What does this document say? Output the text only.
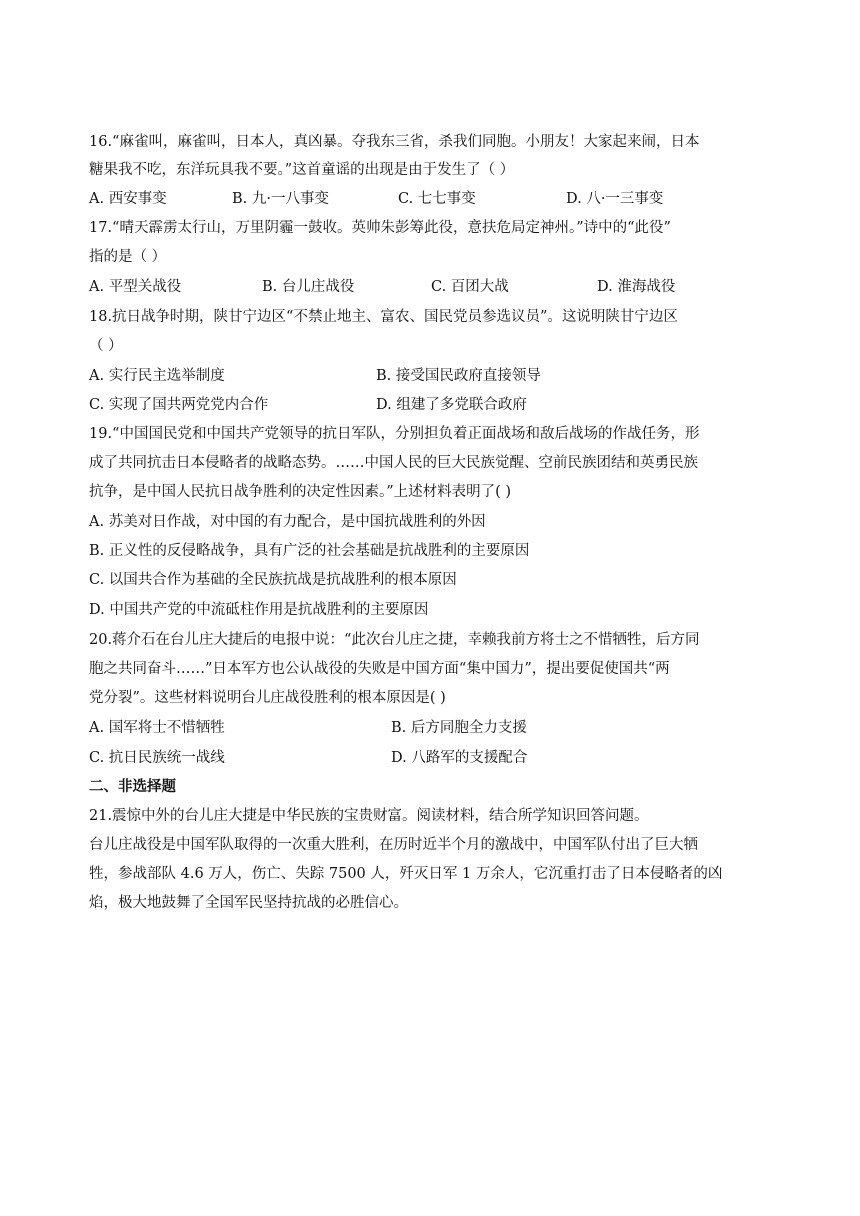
16.“麻雀叫，麻雀叫，日本人，真凶暴。夺我东三省，杀我们同胞。小朋友！大家起来闹，日本
糖果我不吃，东洋玩具我不要。”这首童谣的出现是由于发生了（ ）
A. 西安事变	B. 九·一八事变	C. 七七事变	D. 八·一三事变
17.“晴天霹雳太行山，万里阴霾一鼓收。英帅朱彭筹此役，意扶危局定神州。”诗中的“此役”
指的是（ ）
A. 平型关战役	B. 台儿庄战役	C. 百团大战	D. 淮海战役
18.抗日战争时期，陕甘宁边区“不禁止地主、富农、国民党员参选议员”。这说明陕甘宁边区
（ ）
A. 实行民主选举制度	B. 接受国民政府直接领导
C. 实现了国共两党党内合作	D. 组建了多党联合政府
19.“中国国民党和中国共产党领导的抗日军队，分别担负着正面战场和敌后战场的作战任务，形
成了共同抗击日本侵略者的战略态势。……中国人民的巨大民族觉醒、空前民族团结和英勇民族
抗争，是中国人民抗日战争胜利的决定性因素。”上述材料表明了( )
A. 苏美对日作战，对中国的有力配合，是中国抗战胜利的外因
B. 正义性的反侵略战争，具有广泛的社会基础是抗战胜利的主要原因
C. 以国共合作为基础的全民族抗战是抗战胜利的根本原因
D. 中国共产党的中流砥柱作用是抗战胜利的主要原因
20.蒋介石在台儿庄大捷后的电报中说：“此次台儿庄之捷，幸赖我前方将士之不惜牺牲，后方同
胞之共同奋斗……”日本军方也公认战役的失败是中国方面“集中国力”，提出要促使国共“两
党分裂”。这些材料说明台儿庄战役胜利的根本原因是( )
A. 国军将士不惜牺牲	B. 后方同胞全力支援
C. 抗日民族统一战线	D. 八路军的支援配合
二、非选择题
21.震惊中外的台儿庄大捷是中华民族的宝贵财富。阅读材料，结合所学知识回答问题。
台儿庄战役是中国军队取得的一次重大胜利，在历时近半个月的激战中，中国军队付出了巨大牺
牲，参战部队 4.6 万人，伤亡、失踪 7500 人，歼灭日军 1 万余人，它沉重打击了日本侵略者的凶
焰，极大地鼓舞了全国军民坚持抗战的必胜信心。
